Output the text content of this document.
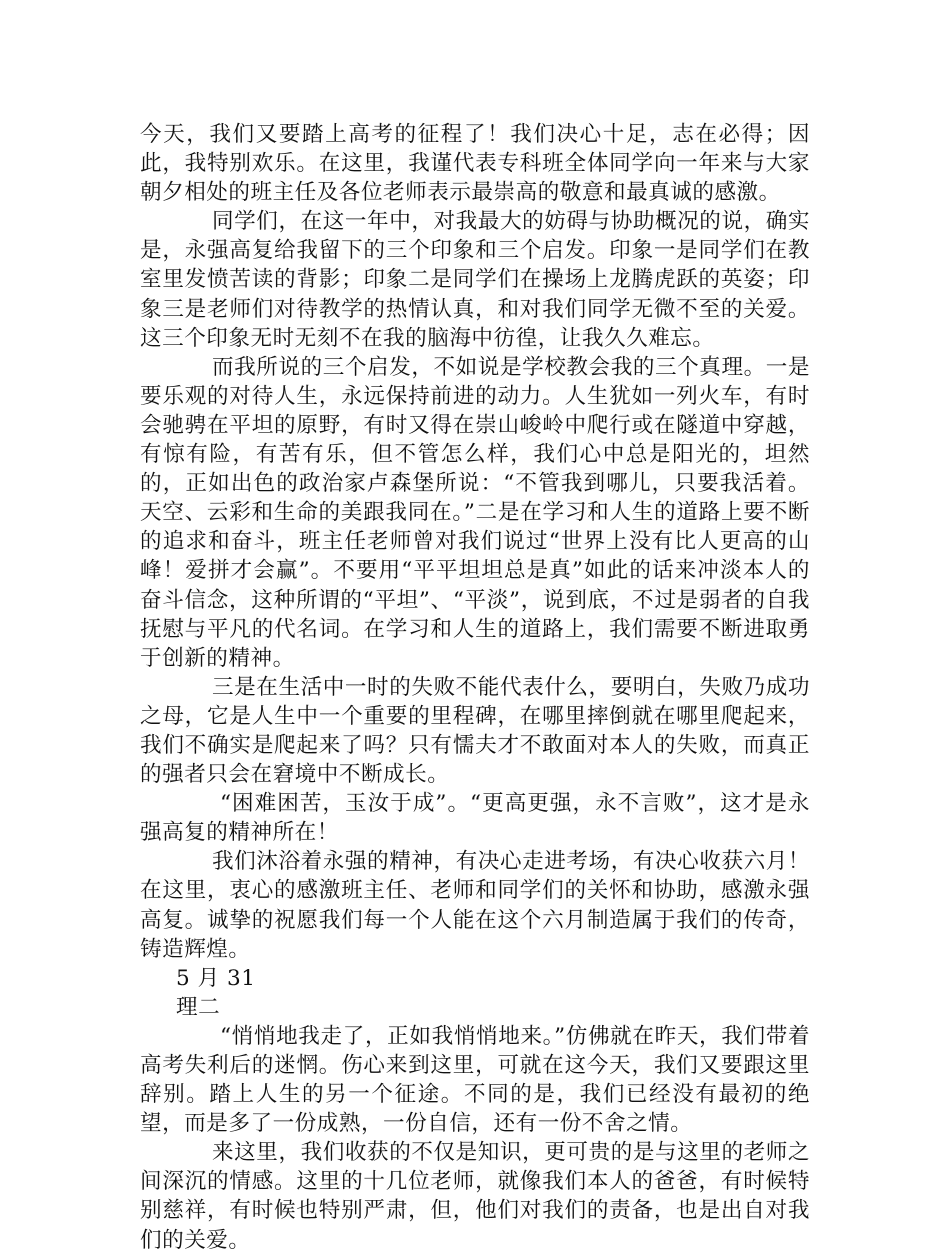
今天，我们又要踏上高考的征程了！我们决心十足，志在必得；因此，我特别欢乐。在这里，我谨代表专科班全体同学向一年来与大家朝夕相处的班主任及各位老师表示最崇高的敬意和最真诚的感激。

同学们，在这一年中，对我最大的妨碍与协助概况的说，确实是，永强高复给我留下的三个印象和三个启发。印象一是同学们在教室里发愤苦读的背影；印象二是同学们在操场上龙腾虎跃的英姿；印象三是老师们对待教学的热情认真，和对我们同学无微不至的关爱。这三个印象无时无刻不在我的脑海中彷徨，让我久久难忘。

而我所说的三个启发，不如说是学校教会我的三个真理。一是要乐观的对待人生，永远保持前进的动力。人生犹如一列火车，有时会驰骋在平坦的原野，有时又得在崇山峻岭中爬行或在隧道中穿越，有惊有险，有苦有乐，但不管怎么样，我们心中总是阳光的，坦然的，正如出色的政治家卢森堡所说：“不管我到哪儿，只要我活着。天空、云彩和生命的美跟我同在。”二是在学习和人生的道路上要不断的追求和奋斗，班主任老师曾对我们说过“世界上没有比人更高的山峰！爱拼才会赢”。不要用“平平坦坦总是真”如此的话来冲淡本人的奋斗信念，这种所谓的“平坦”、“平淡”，说到底，不过是弱者的自我抚慰与平凡的代名词。在学习和人生的道路上，我们需要不断进取勇于创新的精神。

三是在生活中一时的失败不能代表什么，要明白，失败乃成功之母，它是人生中一个重要的里程碑，在哪里摔倒就在哪里爬起来，我们不确实是爬起来了吗？只有懦夫才不敢面对本人的失败，而真正的强者只会在窘境中不断成长。

“困难困苦，玉汝于成”。“更高更强，永不言败”，这才是永强高复的精神所在！

我们沐浴着永强的精神，有决心走进考场，有决心收获六月！在这里，衷心的感激班主任、老师和同学们的关怀和协助，感激永强高复。诚挚的祝愿我们每一个人能在这个六月制造属于我们的传奇，铸造辉煌。

5 月 31

理二

“悄悄地我走了，正如我悄悄地来。”仿佛就在昨天，我们带着高考失利后的迷惘。伤心来到这里，可就在这今天，我们又要跟这里辞别。踏上人生的另一个征途。不同的是，我们已经没有最初的绝望，而是多了一份成熟，一份自信，还有一份不舍之情。

来这里，我们收获的不仅是知识，更可贵的是与这里的老师之间深沉的情感。这里的十几位老师，就像我们本人的爸爸，有时候特别慈祥，有时候也特别严肃，但，他们对我们的责备，也是出自对我们的关爱。
